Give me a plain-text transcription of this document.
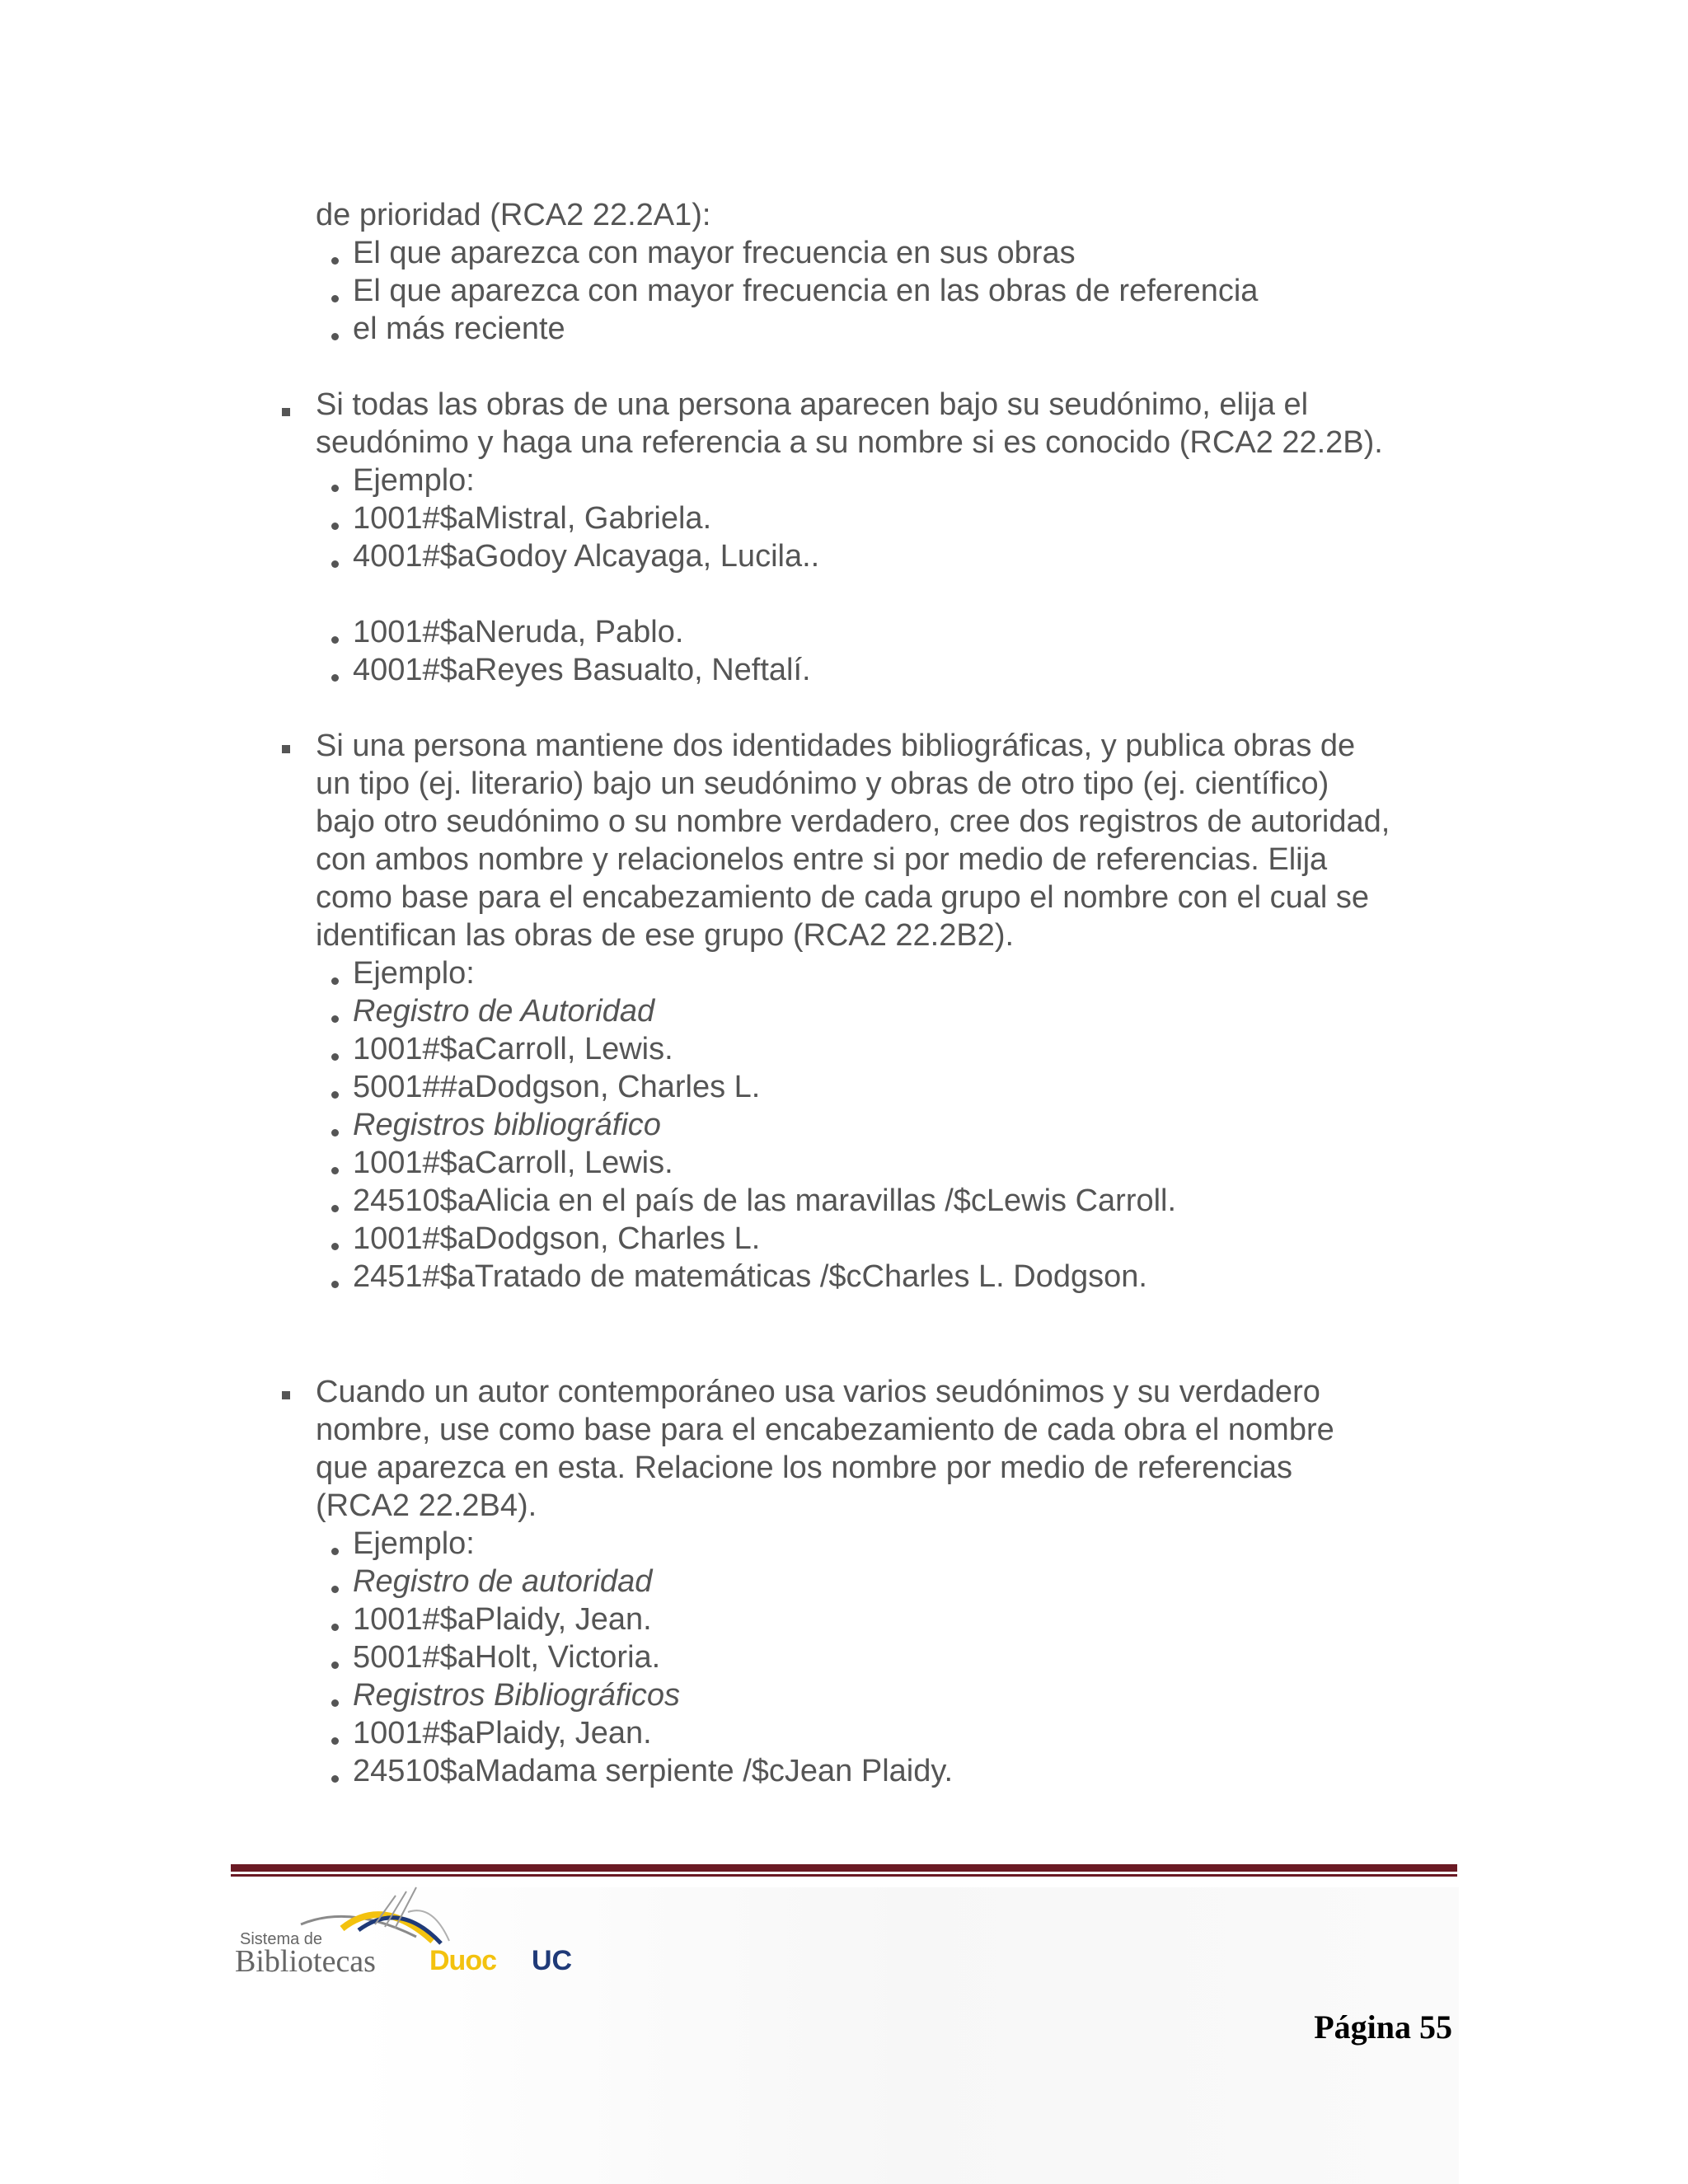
de prioridad (RCA2 22.2A1):
El que aparezca con mayor frecuencia en sus obras
El que aparezca con mayor frecuencia en las obras de referencia
el más reciente
Si todas las obras de una persona aparecen bajo su seudónimo, elija el
seudónimo y haga una referencia a su nombre si es conocido (RCA2 22.2B).
Ejemplo:
1001#$aMistral, Gabriela.
4001#$aGodoy Alcayaga, Lucila..
1001#$aNeruda, Pablo.
4001#$aReyes Basualto, Neftalí.
Si una persona mantiene dos identidades bibliográficas, y publica obras de
un tipo (ej. literario) bajo un seudónimo y obras de otro tipo (ej. científico)
bajo otro seudónimo o su nombre verdadero, cree dos registros de autoridad,
con ambos nombre y relacionelos entre si por medio de referencias. Elija
como base para el encabezamiento de cada grupo el nombre con el cual se
identifican las obras de ese grupo (RCA2 22.2B2).
Ejemplo:
Registro de Autoridad
1001#$aCarroll, Lewis.
5001##aDodgson, Charles L.
Registros bibliográfico
1001#$aCarroll, Lewis.
24510$aAlicia en el país de las maravillas /$cLewis Carroll.
1001#$aDodgson, Charles L.
2451#$aTratado de matemáticas /$cCharles L. Dodgson.
Cuando un autor contemporáneo usa varios seudónimos y su verdadero
nombre, use como base para el encabezamiento de cada obra el nombre
que aparezca en esta. Relacione los nombre por medio de referencias
(RCA2 22.2B4).
Ejemplo:
Registro de autoridad
1001#$aPlaidy, Jean.
5001#$aHolt, Victoria.
Registros Bibliográficos
1001#$aPlaidy, Jean.
24510$aMadama serpiente /$cJean Plaidy.
Sistema de
Bibliotecas Duoc UC
Página 55
